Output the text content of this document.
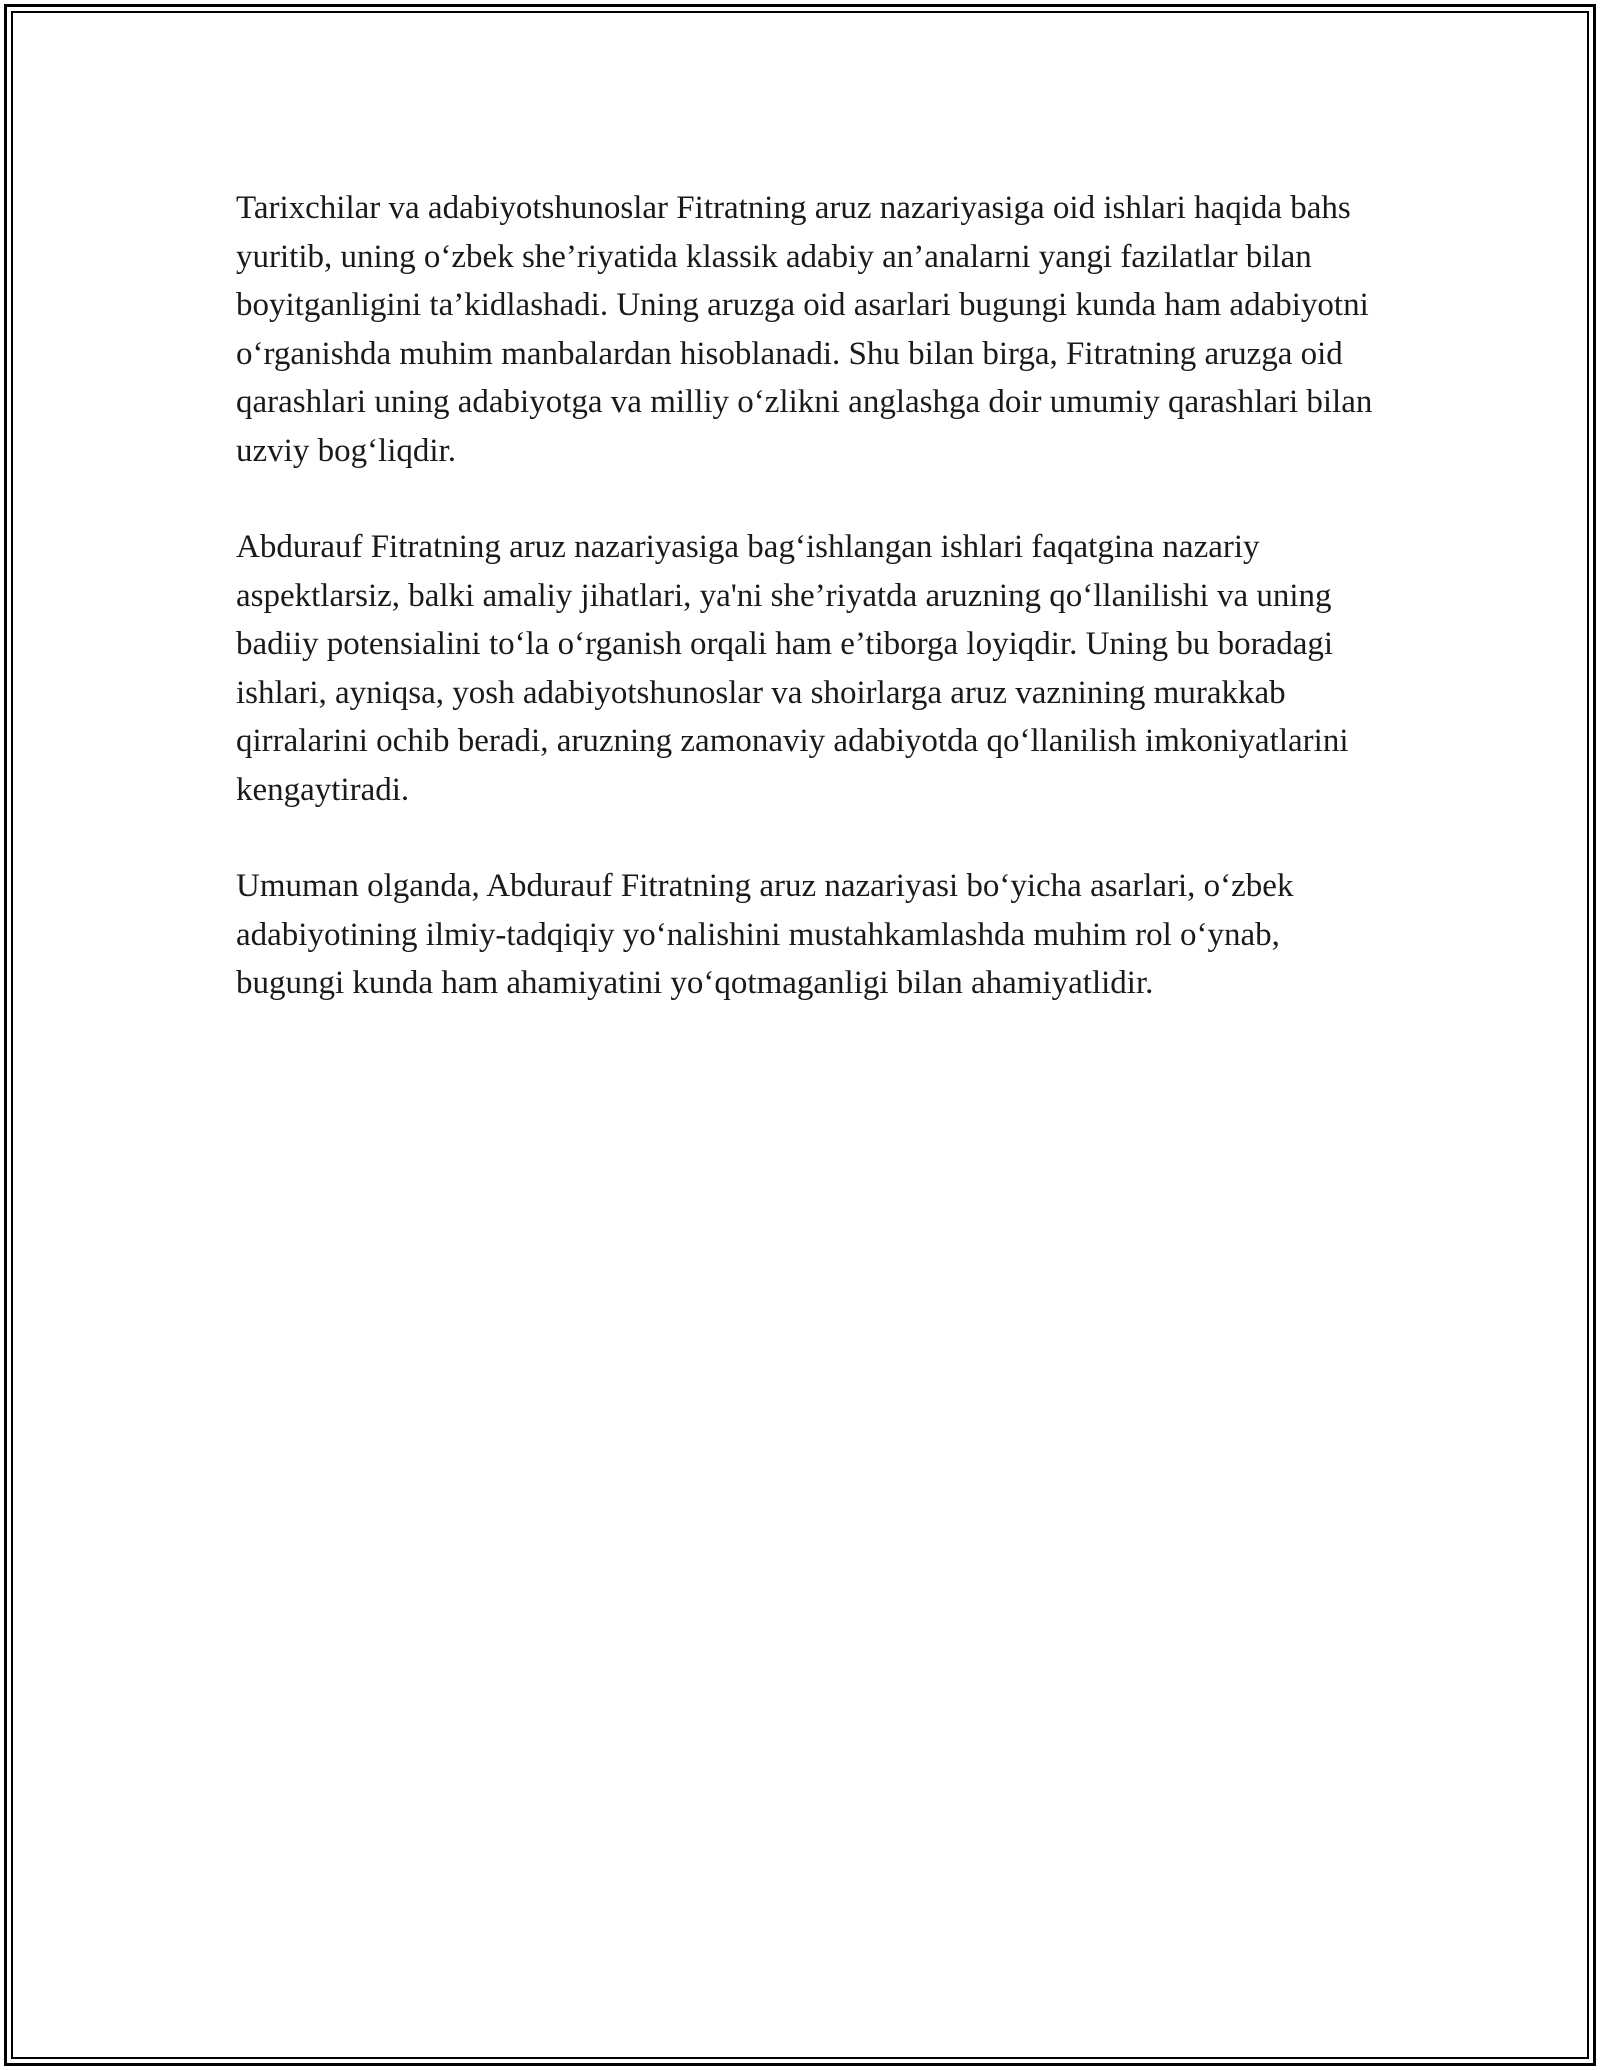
Tarixchilar va adabiyotshunoslar Fitratning aruz nazariyasiga oid ishlari haqida bahs yuritib, uning o‘zbek she’riyatida klassik adabiy an’analarni yangi fazilatlar bilan boyitganligini ta’kidlashadi. Uning aruzga oid asarlari bugungi kunda ham adabiyotni o‘rganishda muhim manbalardan hisoblanadi. Shu bilan birga, Fitratning aruzga oid qarashlari uning adabiyotga va milliy o‘zlikni anglashga doir umumiy qarashlari bilan uzviy bog‘liqdir.

Abdurauf Fitratning aruz nazariyasiga bag‘ishlangan ishlari faqatgina nazariy aspektlarsiz, balki amaliy jihatlari, ya'ni she’riyatda aruzning qo‘llanilishi va uning badiiy potensialini to‘la o‘rganish orqali ham e’tiborga loyiqdir. Uning bu boradagi ishlari, ayniqsa, yosh adabiyotshunoslar va shoirlarga aruz vaznining murakkab qirralarini ochib beradi, aruzning zamonaviy adabiyotda qo‘llanilish imkoniyatlarini kengaytiradi.

Umuman olganda, Abdurauf Fitratning aruz nazariyasi bo‘yicha asarlari, o‘zbek adabiyotining ilmiy-tadqiqiy yo‘nalishini mustahkamlashda muhim rol o‘ynab, bugungi kunda ham ahamiyatini yo‘qotmaganligi bilan ahamiyatlidir.
